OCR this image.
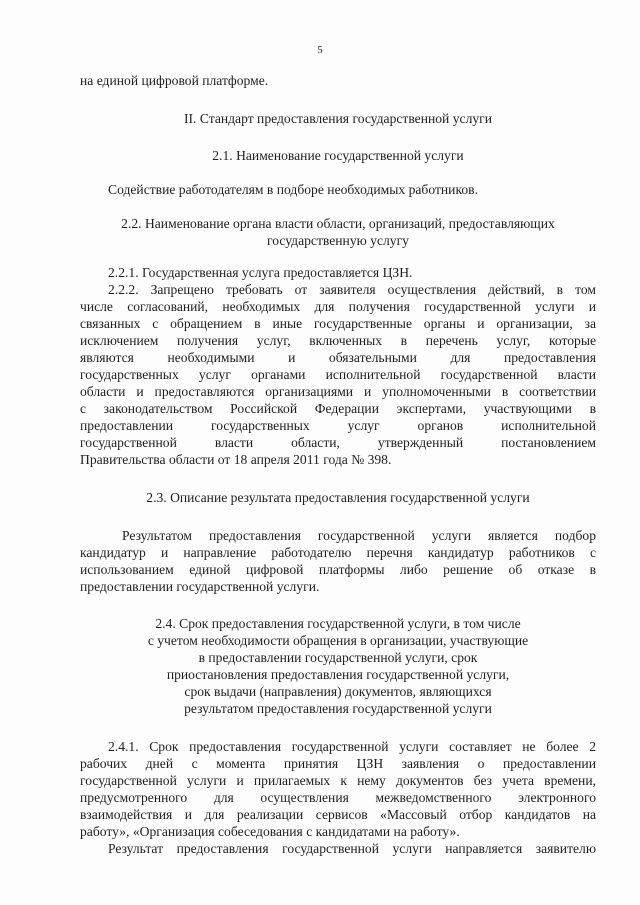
5
на единой цифровой платформе.
II. Стандарт предоставления государственной услуги
2.1. Наименование государственной услуги
Содействие работодателям в подборе необходимых работников.
2.2. Наименование органа власти области, организаций, предоставляющих
государственную услугу
2.2.1. Государственная услуга предоставляется ЦЗН.
2.2.2. Запрещено требовать от заявителя осуществления действий, в том
числе согласований, необходимых для получения государственной услуги и
связанных с обращением в иные государственные органы и организации, за
исключением получения услуг, включенных в перечень услуг, которые
являются необходимыми и обязательными для предоставления
государственных услуг органами исполнительной государственной власти
области и предоставляются организациями и уполномоченными в соответствии
с законодательством Российской Федерации экспертами, участвующими в
предоставлении государственных услуг органов исполнительной
государственной власти области, утвержденный постановлением
Правительства области от 18 апреля 2011 года № 398.
2.3. Описание результата предоставления государственной услуги
Результатом предоставления государственной услуги является подбор
кандидатур и направление работодателю перечня кандидатур работников с
использованием единой цифровой платформы либо решение об отказе в
предоставлении государственной услуги.
2.4. Срок предоставления государственной услуги, в том числе
с учетом необходимости обращения в организации, участвующие
в предоставлении государственной услуги, срок
приостановления предоставления государственной услуги,
срок выдачи (направления) документов, являющихся
результатом предоставления государственной услуги
2.4.1. Срок предоставления государственной услуги составляет не более 2
рабочих дней с момента принятия ЦЗН заявления о предоставлении
государственной услуги и прилагаемых к нему документов без учета времени,
предусмотренного для осуществления межведомственного электронного
взаимодействия и для реализации сервисов «Массовый отбор кандидатов на
работу», «Организация собеседования с кандидатами на работу».
Результат предоставления государственной услуги направляется заявителю
